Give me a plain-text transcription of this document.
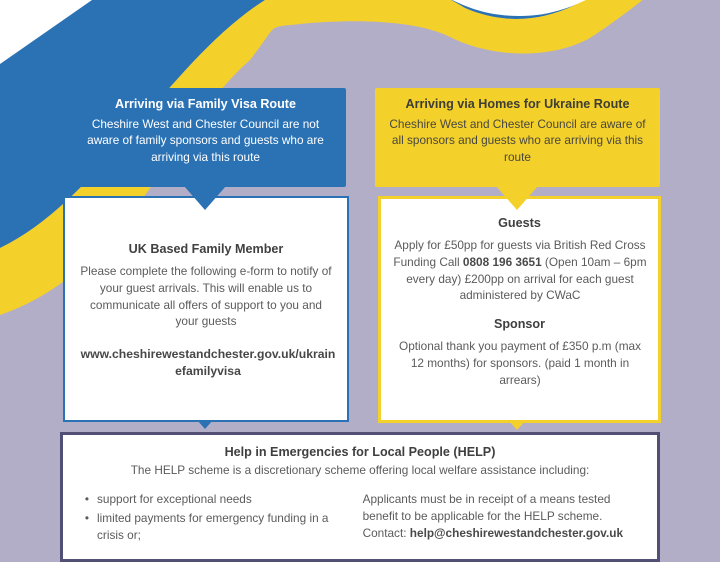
Arriving via Family Visa Route
Cheshire West and Chester Council are not aware of family sponsors and guests who are arriving via this route
Arriving via Homes for Ukraine Route
Cheshire West and Chester Council are aware of all sponsors and guests who are arriving via this route
UK Based Family Member

Please complete the following e-form to notify of your guest arrivals. This will enable us to communicate all offers of support to you and your guests

www.cheshirewestandchester.gov.uk/ukrainefamilyvisa
Guests

Apply for £50pp for guests via British Red Cross Funding Call 0808 196 3651 (Open 10am – 6pm every day) £200pp on arrival for each guest administered by CWaC

Sponsor

Optional thank you payment of £350 p.m (max 12 months) for sponsors. (paid 1 month in arrears)

Help in Emergencies for Local People (HELP)
The HELP scheme is a discretionary scheme offering local welfare assistance including:
• support for exceptional needs
• limited payments for emergency funding in a crisis or;
Applicants must be in receipt of a means tested benefit to be applicable for the HELP scheme. Contact: help@cheshirewestandchester.gov.uk
